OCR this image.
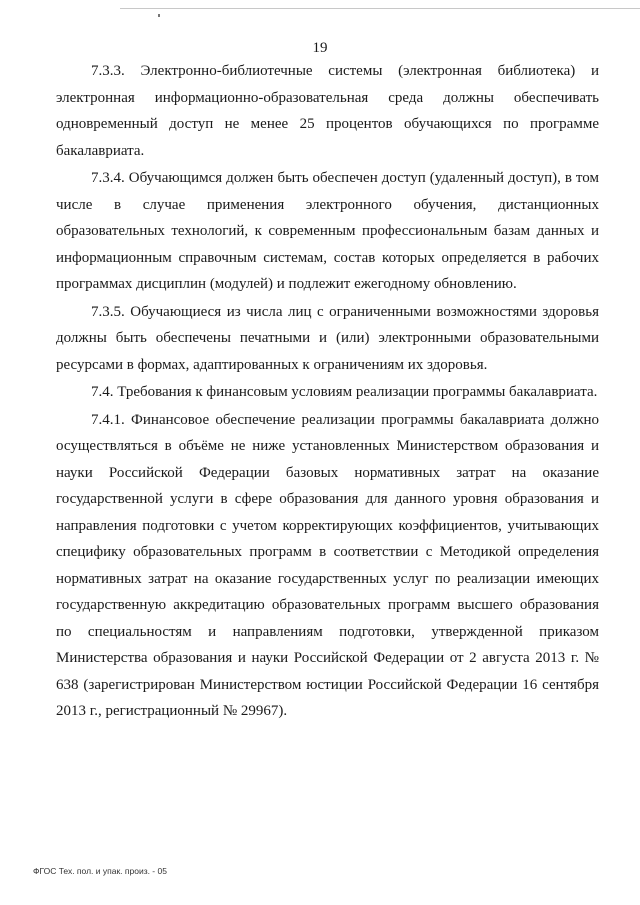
19

7.3.3. Электронно-библиотечные системы (электронная библиотека) и электронная информационно-образовательная среда должны обеспечивать одновременный доступ не менее 25 процентов обучающихся по программе бакалавриата.

7.3.4. Обучающимся должен быть обеспечен доступ (удаленный доступ), в том числе в случае применения электронного обучения, дистанционных образовательных технологий, к современным профессиональным базам данных и информационным справочным системам, состав которых определяется в рабочих программах дисциплин (модулей) и подлежит ежегодному обновлению.

7.3.5. Обучающиеся из числа лиц с ограниченными возможностями здоровья должны быть обеспечены печатными и (или) электронными образовательными ресурсами в формах, адаптированных к ограничениям их здоровья.

7.4. Требования к финансовым условиям реализации программы бакалавриата.

7.4.1. Финансовое обеспечение реализации программы бакалавриата должно осуществляться в объёме не ниже установленных Министерством образования и науки Российской Федерации базовых нормативных затрат на оказание государственной услуги в сфере образования для данного уровня образования и направления подготовки с учетом корректирующих коэффициентов, учитывающих специфику образовательных программ в соответствии с Методикой определения нормативных затрат на оказание государственных услуг по реализации имеющих государственную аккредитацию образовательных программ высшего образования по специальностям и направлениям подготовки, утвержденной приказом Министерства образования и науки Российской Федерации от 2 августа 2013 г. № 638 (зарегистрирован Министерством юстиции Российской Федерации 16 сентября 2013 г., регистрационный № 29967).

ФГОС Тех. пол. и упак. произ. - 05
